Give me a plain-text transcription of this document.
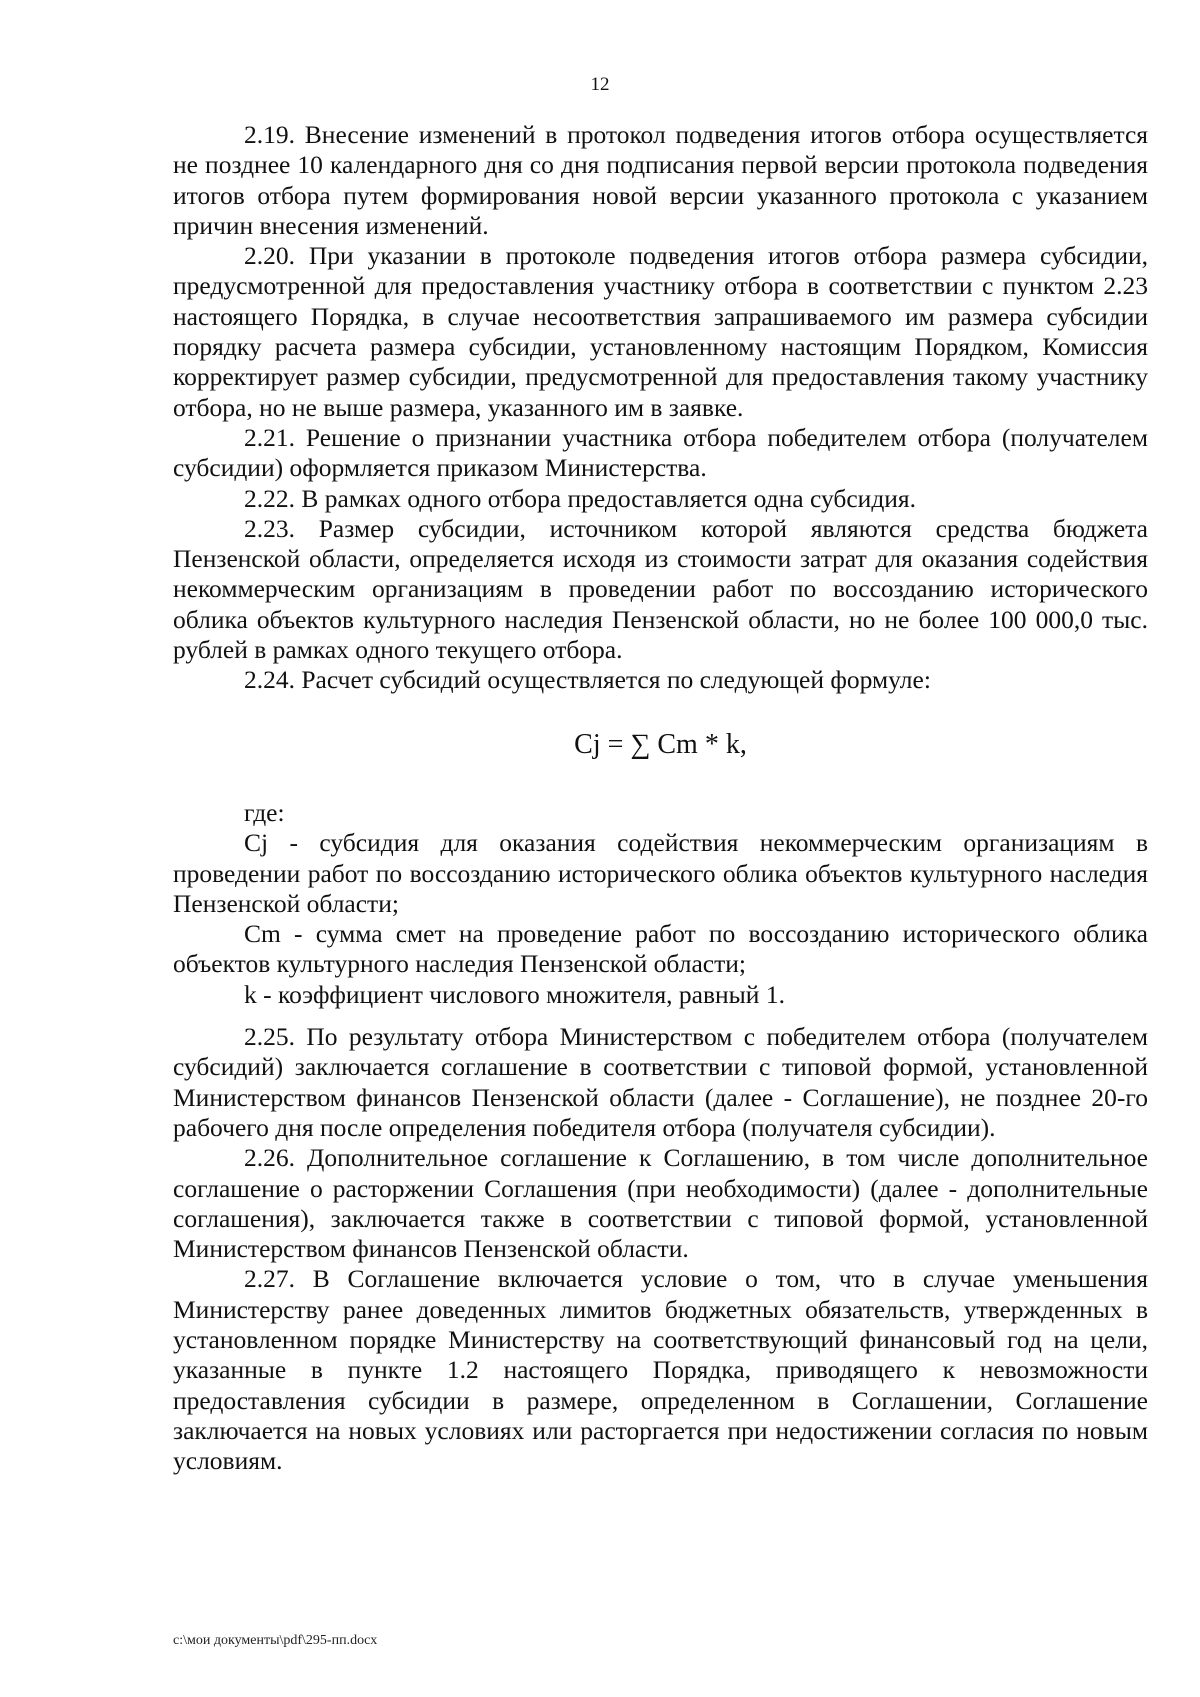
12

2.19. Внесение изменений в протокол подведения итогов отбора осуществляется не позднее 10 календарного дня со дня подписания первой версии протокола подведения итогов отбора путем формирования новой версии указанного протокола с указанием причин внесения изменений.

2.20. При указании в протоколе подведения итогов отбора размера субсидии, предусмотренной для предоставления участнику отбора в соответствии с пунктом 2.23 настоящего Порядка, в случае несоответствия запрашиваемого им размера субсидии порядку расчета размера субсидии, установленному настоящим Порядком, Комиссия корректирует размер субсидии, предусмотренной для предоставления такому участнику отбора, но не выше размера, указанного им в заявке.

2.21. Решение о признании участника отбора победителем отбора (получателем субсидии) оформляется приказом Министерства.

2.22. В рамках одного отбора предоставляется одна субсидия.

2.23. Размер субсидии, источником которой являются средства бюджета Пензенской области, определяется исходя из стоимости затрат для оказания содействия некоммерческим организациям в проведении работ по воссозданию исторического облика объектов культурного наследия Пензенской области, но не более 100 000,0 тыс. рублей в рамках одного текущего отбора.

2.24. Расчет субсидий осуществляется по следующей формуле:

Cj = ∑ Cm * k,

где:

Cj - субсидия для оказания содействия некоммерческим организациям в проведении работ по воссозданию исторического облика объектов культурного наследия Пензенской области;

Cm - сумма смет на проведение работ по воссозданию исторического облика объектов культурного наследия Пензенской области;

k - коэффициент числового множителя, равный 1.

2.25. По результату отбора Министерством с победителем отбора (получателем субсидий) заключается соглашение в соответствии с типовой формой, установленной Министерством финансов Пензенской области (далее - Соглашение), не позднее 20-го рабочего дня после определения победителя отбора (получателя субсидии).

2.26. Дополнительное соглашение к Соглашению, в том числе дополнительное соглашение о расторжении Соглашения (при необходимости) (далее - дополнительные соглашения), заключается также в соответствии с типовой формой, установленной Министерством финансов Пензенской области.

2.27. В Соглашение включается условие о том, что в случае уменьшения Министерству ранее доведенных лимитов бюджетных обязательств, утвержденных в установленном порядке Министерству на соответствующий финансовый год на цели, указанные в пункте 1.2 настоящего Порядка, приводящего к невозможности предоставления субсидии в размере, определенном в Соглашении, Соглашение заключается на новых условиях или расторгается при недостижении согласия по новым условиям.

c:\мои документы\pdf\295-пп.docx
